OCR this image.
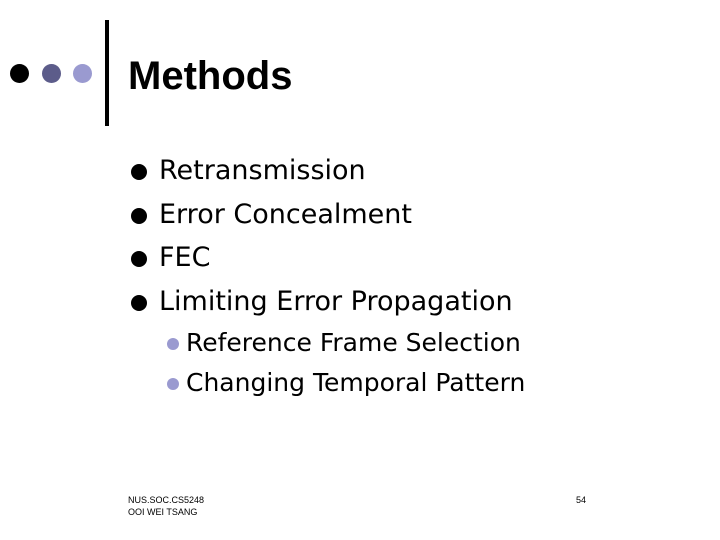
Methods
Retransmission
Error Concealment
FEC
Limiting Error Propagation
Reference Frame Selection
Changing Temporal Pattern
NUS.SOC.CS5248
OOI WEI TSANG
54
